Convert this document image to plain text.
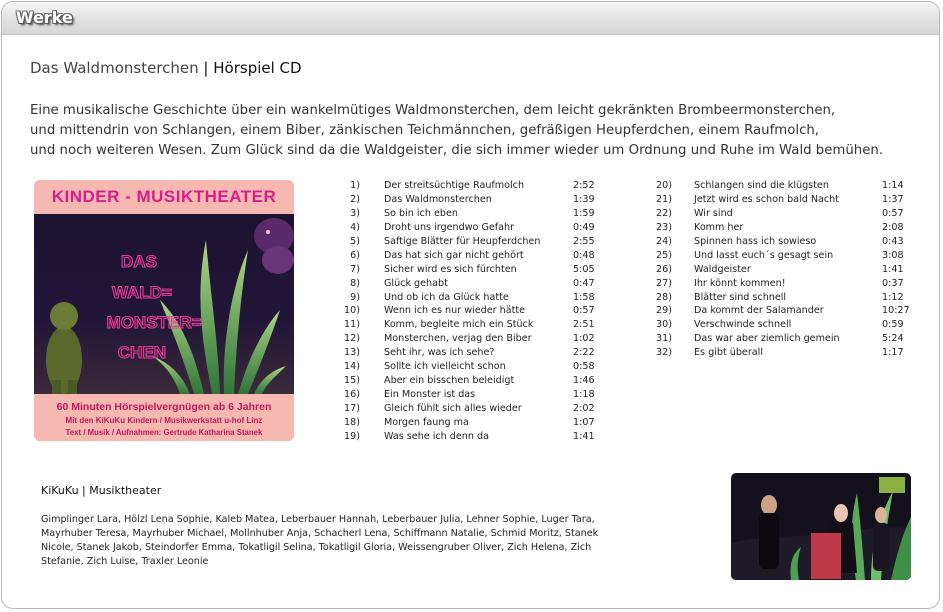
Werke
Das Waldmonsterchen | Hörspiel CD
Eine musikalische Geschichte über ein wankelmütiges Waldmonsterchen, dem leicht gekränkten Brombeermonsterchen,
und mittendrin von Schlangen, einem Biber, zänkischen Teichmännchen, gefräßigen Heupferdchen, einem Raufmolch,
und noch weiteren Wesen. Zum Glück sind da die Waldgeister, die sich immer wieder um Ordnung und Ruhe im Wald bemühen.
KINDER - MUSIKTHEATER
DAS
WALD=
MONSTER=
CHEN
60 Minuten Hörspielvergnügen ab 6 Jahren
Mit den KiKuKu Kindern / Musikwerkstatt u-hof Linz
Text / Musik / Aufnahmen: Gertrude Katharina Stanek
1)	Der streitsüchtige Raufmolch	2:52
2)	Das Waldmonsterchen	1:39
3)	So bin ich eben	1:59
4)	Droht uns irgendwo Gefahr	0:49
5)	Saftige Blätter für Heupferdchen	2:55
6)	Das hat sich gar nicht gehört	0:48
7)	Sicher wird es sich fürchten	5:05
8)	Glück gehabt	0:47
9)	Und ob ich da Glück hatte	1:58
10)	Wenn ich es nur wieder hätte	0:57
11)	Komm, begleite mich ein Stück	2:51
12)	Monsterchen, verjag den Biber	1:02
13)	Seht ihr, was ich sehe?	2:22
14)	Sollte ich vielleicht schon	0:58
15)	Aber ein bisschen beleidigt	1:46
16)	Ein Monster ist das	1:18
17)	Gleich fühlt sich alles wieder	2:02
18)	Morgen faung ma	1:07
19)	Was sehe ich denn da	1:41
20) Schlangen sind die klügsten	1:14
21) Jetzt wird es schon bald Nacht	1:37
22) Wir sind	0:57
23) Komm her	2:08
24) Spinnen hass ich sowieso	0:43
25) Und lasst euch´s gesagt sein	3:08
26) Waldgeister	1:41
27) Ihr könnt kommen!	0:37
28) Blätter sind schnell	1:12
29) Da kommt der Salamander	10:27
30) Verschwinde schnell	0:59
31) Das war aber ziemlich gemein	5:24
32) Es gibt überall	1:17
KiKuKu | Musiktheater
Gimplinger Lara, Hölzl Lena Sophie, Kaleb Matea, Leberbauer Hannah, Leberbauer Julia, Lehner Sophie, Luger Tara,
Mayrhuber Teresa, Mayrhuber Michael, Mollnhuber Anja, Schacherl Lena, Schiffmann Natalie, Schmid Moritz, Stanek
Nicole, Stanek Jakob, Steindorfer Emma, Tokatligil Selina, Tokatligil Gloria, Weissengruber Oliver, Zich Helena, Zich
Stefanie, Zich Luise, Traxler Leonie
